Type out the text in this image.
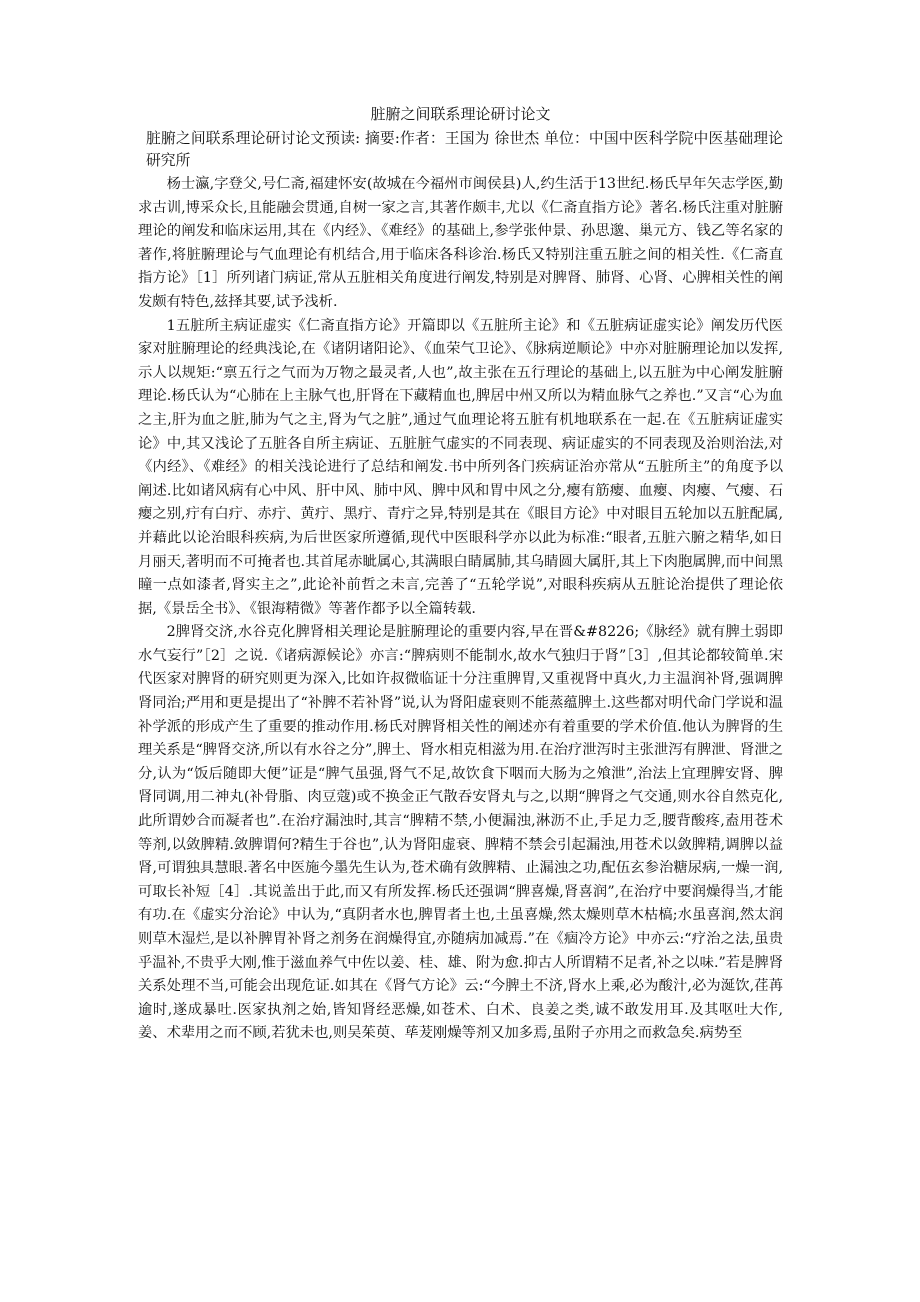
脏腑之间联系理论研讨论文

脏腑之间联系理论研讨论文预读: 摘要:作者：王国为 徐世杰 单位：中国中医科学院中医基础理论研究所

杨士瀛,字登父,号仁斋,福建怀安(故城在今福州市闽侯县)人,约生活于13世纪.杨氏早年矢志学医,勤求古训,博采众长,且能融会贯通,自树一家之言,其著作颇丰,尤以《仁斋直指方论》著名.杨氏注重对脏腑理论的阐发和临床运用,其在《内经》、《难经》的基础上,参学张仲景、孙思邈、巢元方、钱乙等名家的著作,将脏腑理论与气血理论有机结合,用于临床各科诊治.杨氏又特别注重五脏之间的相关性.《仁斋直指方论》［1］所列诸门病证,常从五脏相关角度进行阐发,特别是对脾肾、肺肾、心肾、心脾相关性的阐发颇有特色,兹择其要,试予浅析.

1五脏所主病证虚实《仁斋直指方论》开篇即以《五脏所主论》和《五脏病证虚实论》阐发历代医家对脏腑理论的经典浅论,在《诸阴诸阳论》、《血荣气卫论》、《脉病逆顺论》中亦对脏腑理论加以发挥,示人以规矩:“禀五行之气而为万物之最灵者,人也”,故主张在五行理论的基础上,以五脏为中心阐发脏腑理论.杨氏认为“心肺在上主脉气也,肝肾在下藏精血也,脾居中州又所以为精血脉气之养也.”又言“心为血之主,肝为血之脏,肺为气之主,肾为气之脏”,通过气血理论将五脏有机地联系在一起.在《五脏病证虚实论》中,其又浅论了五脏各自所主病证、五脏脏气虚实的不同表现、病证虚实的不同表现及治则治法,对《内经》、《难经》的相关浅论进行了总结和阐发.书中所列各门疾病证治亦常从“五脏所主”的角度予以阐述.比如诸风病有心中风、肝中风、肺中风、脾中风和胃中风之分,瘿有筋瘿、血瘿、肉瘿、气瘿、石瘿之别,疔有白疔、赤疔、黄疔、黑疔、青疔之异,特别是其在《眼目方论》中对眼目五轮加以五脏配属,并藉此以论治眼科疾病,为后世医家所遵循,现代中医眼科学亦以此为标准:“眼者,五脏六腑之精华,如日月丽天,著明而不可掩者也.其首尾赤眦属心,其满眼白睛属肺,其乌睛圆大属肝,其上下肉胞属脾,而中间黑瞳一点如漆者,肾实主之”,此论补前哲之未言,完善了“五轮学说”,对眼科疾病从五脏论治提供了理论依据,《景岳全书》、《银海精微》等著作都予以全篇转载.

2脾肾交济,水谷克化脾肾相关理论是脏腑理论的重要内容,早在晋&#8226;《脉经》就有脾土弱即水气妄行”［2］之说.《诸病源候论》亦言:“脾病则不能制水,故水气独归于肾”［3］,但其论都较简单.宋代医家对脾肾的研究则更为深入,比如许叔微临证十分注重脾胃,又重视肾中真火,力主温润补肾,强调脾肾同治;严用和更是提出了“补脾不若补肾”说,认为肾阳虚衰则不能蒸蕴脾土.这些都对明代命门学说和温补学派的形成产生了重要的推动作用.杨氏对脾肾相关性的阐述亦有着重要的学术价值.他认为脾肾的生理关系是“脾肾交济,所以有水谷之分”,脾土、肾水相克相滋为用.在治疗泄泻时主张泄泻有脾泄、肾泄之分,认为“饭后随即大便”证是“脾气虽强,肾气不足,故饮食下咽而大肠为之飧泄”,治法上宜理脾安肾、脾肾同调,用二神丸(补骨脂、肉豆蔻)或不换金正气散吞安肾丸与之,以期“脾肾之气交通,则水谷自然克化,此所谓妙合而凝者也”.在治疗漏浊时,其言“脾精不禁,小便漏浊,淋沥不止,手足力乏,腰背酸疼,盍用苍术等剂,以敛脾精.敛脾谓何?精生于谷也”,认为肾阳虚衰、脾精不禁会引起漏浊,用苍术以敛脾精,调脾以益肾,可谓独具慧眼.著名中医施今墨先生认为,苍术确有敛脾精、止漏浊之功,配伍玄参治糖尿病,一燥一润,可取长补短［4］.其说盖出于此,而又有所发挥.杨氏还强调“脾喜燥,肾喜润”,在治疗中要润燥得当,才能有功.在《虚实分治论》中认为,“真阴者水也,脾胃者土也,土虽喜燥,然太燥则草木枯槁;水虽喜润,然太润则草木湿烂,是以补脾胃补肾之剂务在润燥得宜,亦随病加减焉.”在《痼冷方论》中亦云:“疗治之法,虽贵乎温补,不贵乎大刚,惟于滋血养气中佐以姜、桂、雄、附为愈.抑古人所谓精不足者,补之以味.”若是脾肾关系处理不当,可能会出现危证.如其在《肾气方论》云:“今脾土不济,肾水上乘,必为酸汁,必为涎饮,荏苒逾时,遂成暴吐.医家执剂之始,皆知肾经恶燥,如苍术、白术、良姜之类,诚不敢发用耳.及其呕吐大作,姜、术辈用之而不顾,若犹未也,则吴茱萸、荜茇刚燥等剂又加多焉,虽附子亦用之而救急矣.病势至
